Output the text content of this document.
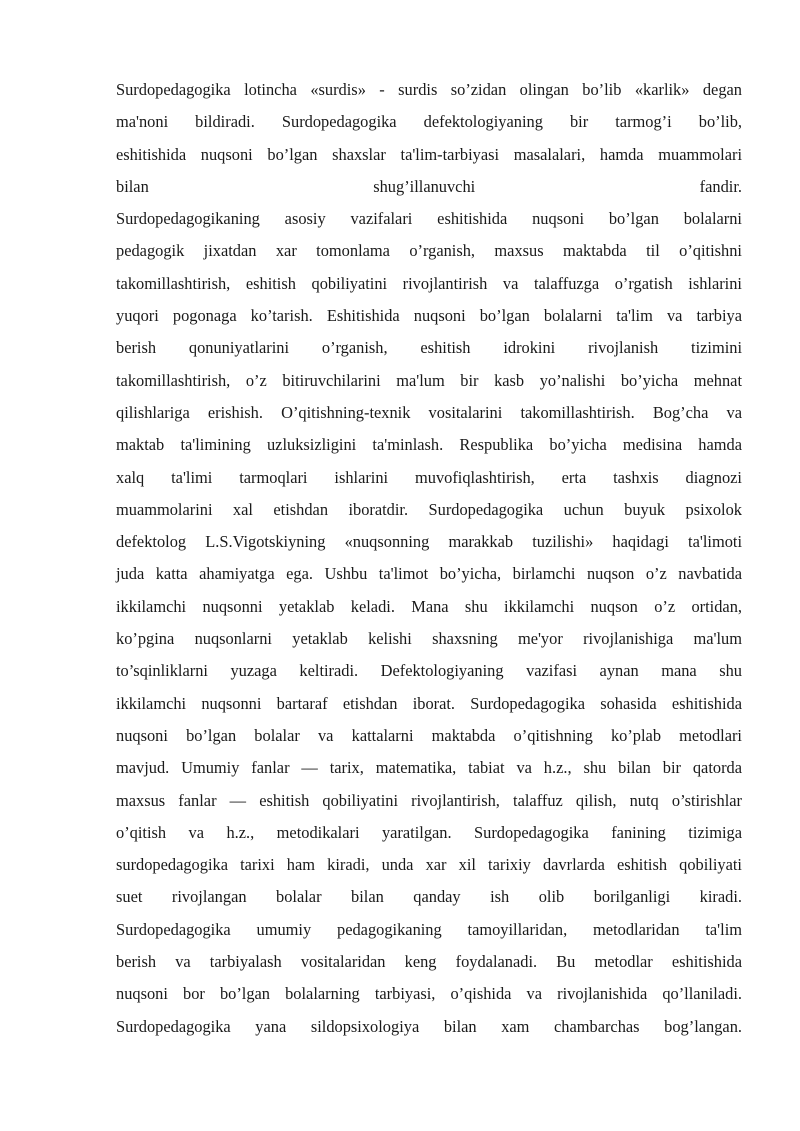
Surdopedagogika lotincha «surdis» - surdis so’zidan olingan bo’lib «karlik» degan
ma'noni bildiradi. Surdopedagogika defektologiyaning bir tarmog’i bo’lib,
eshitishida nuqsoni bo’lgan shaxslar ta'lim-tarbiyasi masalalari, hamda muammolari
bilan shug’illanuvchi fandir.
Surdopedagogikaning asosiy vazifalari eshitishida nuqsoni bo’lgan bolalarni
pedagogik jixatdan xar tomonlama o’rganish, maxsus maktabda til o’qitishni
takomillashtirish, eshitish qobiliyatini rivojlantirish va talaffuzga o’rgatish ishlarini
yuqori pogonaga ko’tarish. Eshitishida nuqsoni bo’lgan bolalarni ta'lim va tarbiya
berish qonuniyatlarini o’rganish, eshitish idrokini rivojlanish tizimini
takomillashtirish, o’z bitiruvchilarini ma'lum bir kasb yo’nalishi bo’yicha mehnat
qilishlariga erishish. O’qitishning-texnik vositalarini takomillashtirish. Bog’cha va
maktab ta'limining uzluksizligini ta'minlash. Respublika bo’yicha medisina hamda
xalq ta'limi tarmoqlari ishlarini muvofiqlashtirish, erta tashxis diagnozi
muammolarini xal etishdan iboratdir. Surdopedagogika uchun buyuk psixolok
defektolog L.S.Vigotskiyning «nuqsonning marakkab tuzilishi» haqidagi ta'limoti
juda katta ahamiyatga ega. Ushbu ta'limot bo’yicha, birlamchi nuqson o’z navbatida
ikkilamchi nuqsonni yetaklab keladi. Mana shu ikkilamchi nuqson o’z ortidan,
ko’pgina nuqsonlarni yetaklab kelishi shaxsning me'yor rivojlanishiga ma'lum
to’sqinliklarni yuzaga keltiradi. Defektologiyaning vazifasi aynan mana shu
ikkilamchi nuqsonni bartaraf etishdan iborat. Surdopedagogika sohasida eshitishida
nuqsoni bo’lgan bolalar va kattalarni maktabda o’qitishning ko’plab metodlari
mavjud. Umumiy fanlar — tarix, matematika, tabiat va h.z., shu bilan bir qatorda
maxsus fanlar — eshitish qobiliyatini rivojlantirish, talaffuz qilish, nutq o’stirishlar
o’qitish va h.z., metodikalari yaratilgan. Surdopedagogika fanining tizimiga
surdopedagogika tarixi ham kiradi, unda xar xil tarixiy davrlarda eshitish qobiliyati
suet rivojlangan bolalar bilan qanday ish olib borilganligi kiradi.
Surdopedagogika umumiy pedagogikaning tamoyillaridan, metodlaridan ta'lim
berish va tarbiyalash vositalaridan keng foydalanadi. Bu metodlar eshitishida
nuqsoni bor bo’lgan bolalarning tarbiyasi, o’qishida va rivojlanishida qo’llaniladi.
Surdopedagogika yana sildopsixologiya bilan xam chambarchas bog’langan.
